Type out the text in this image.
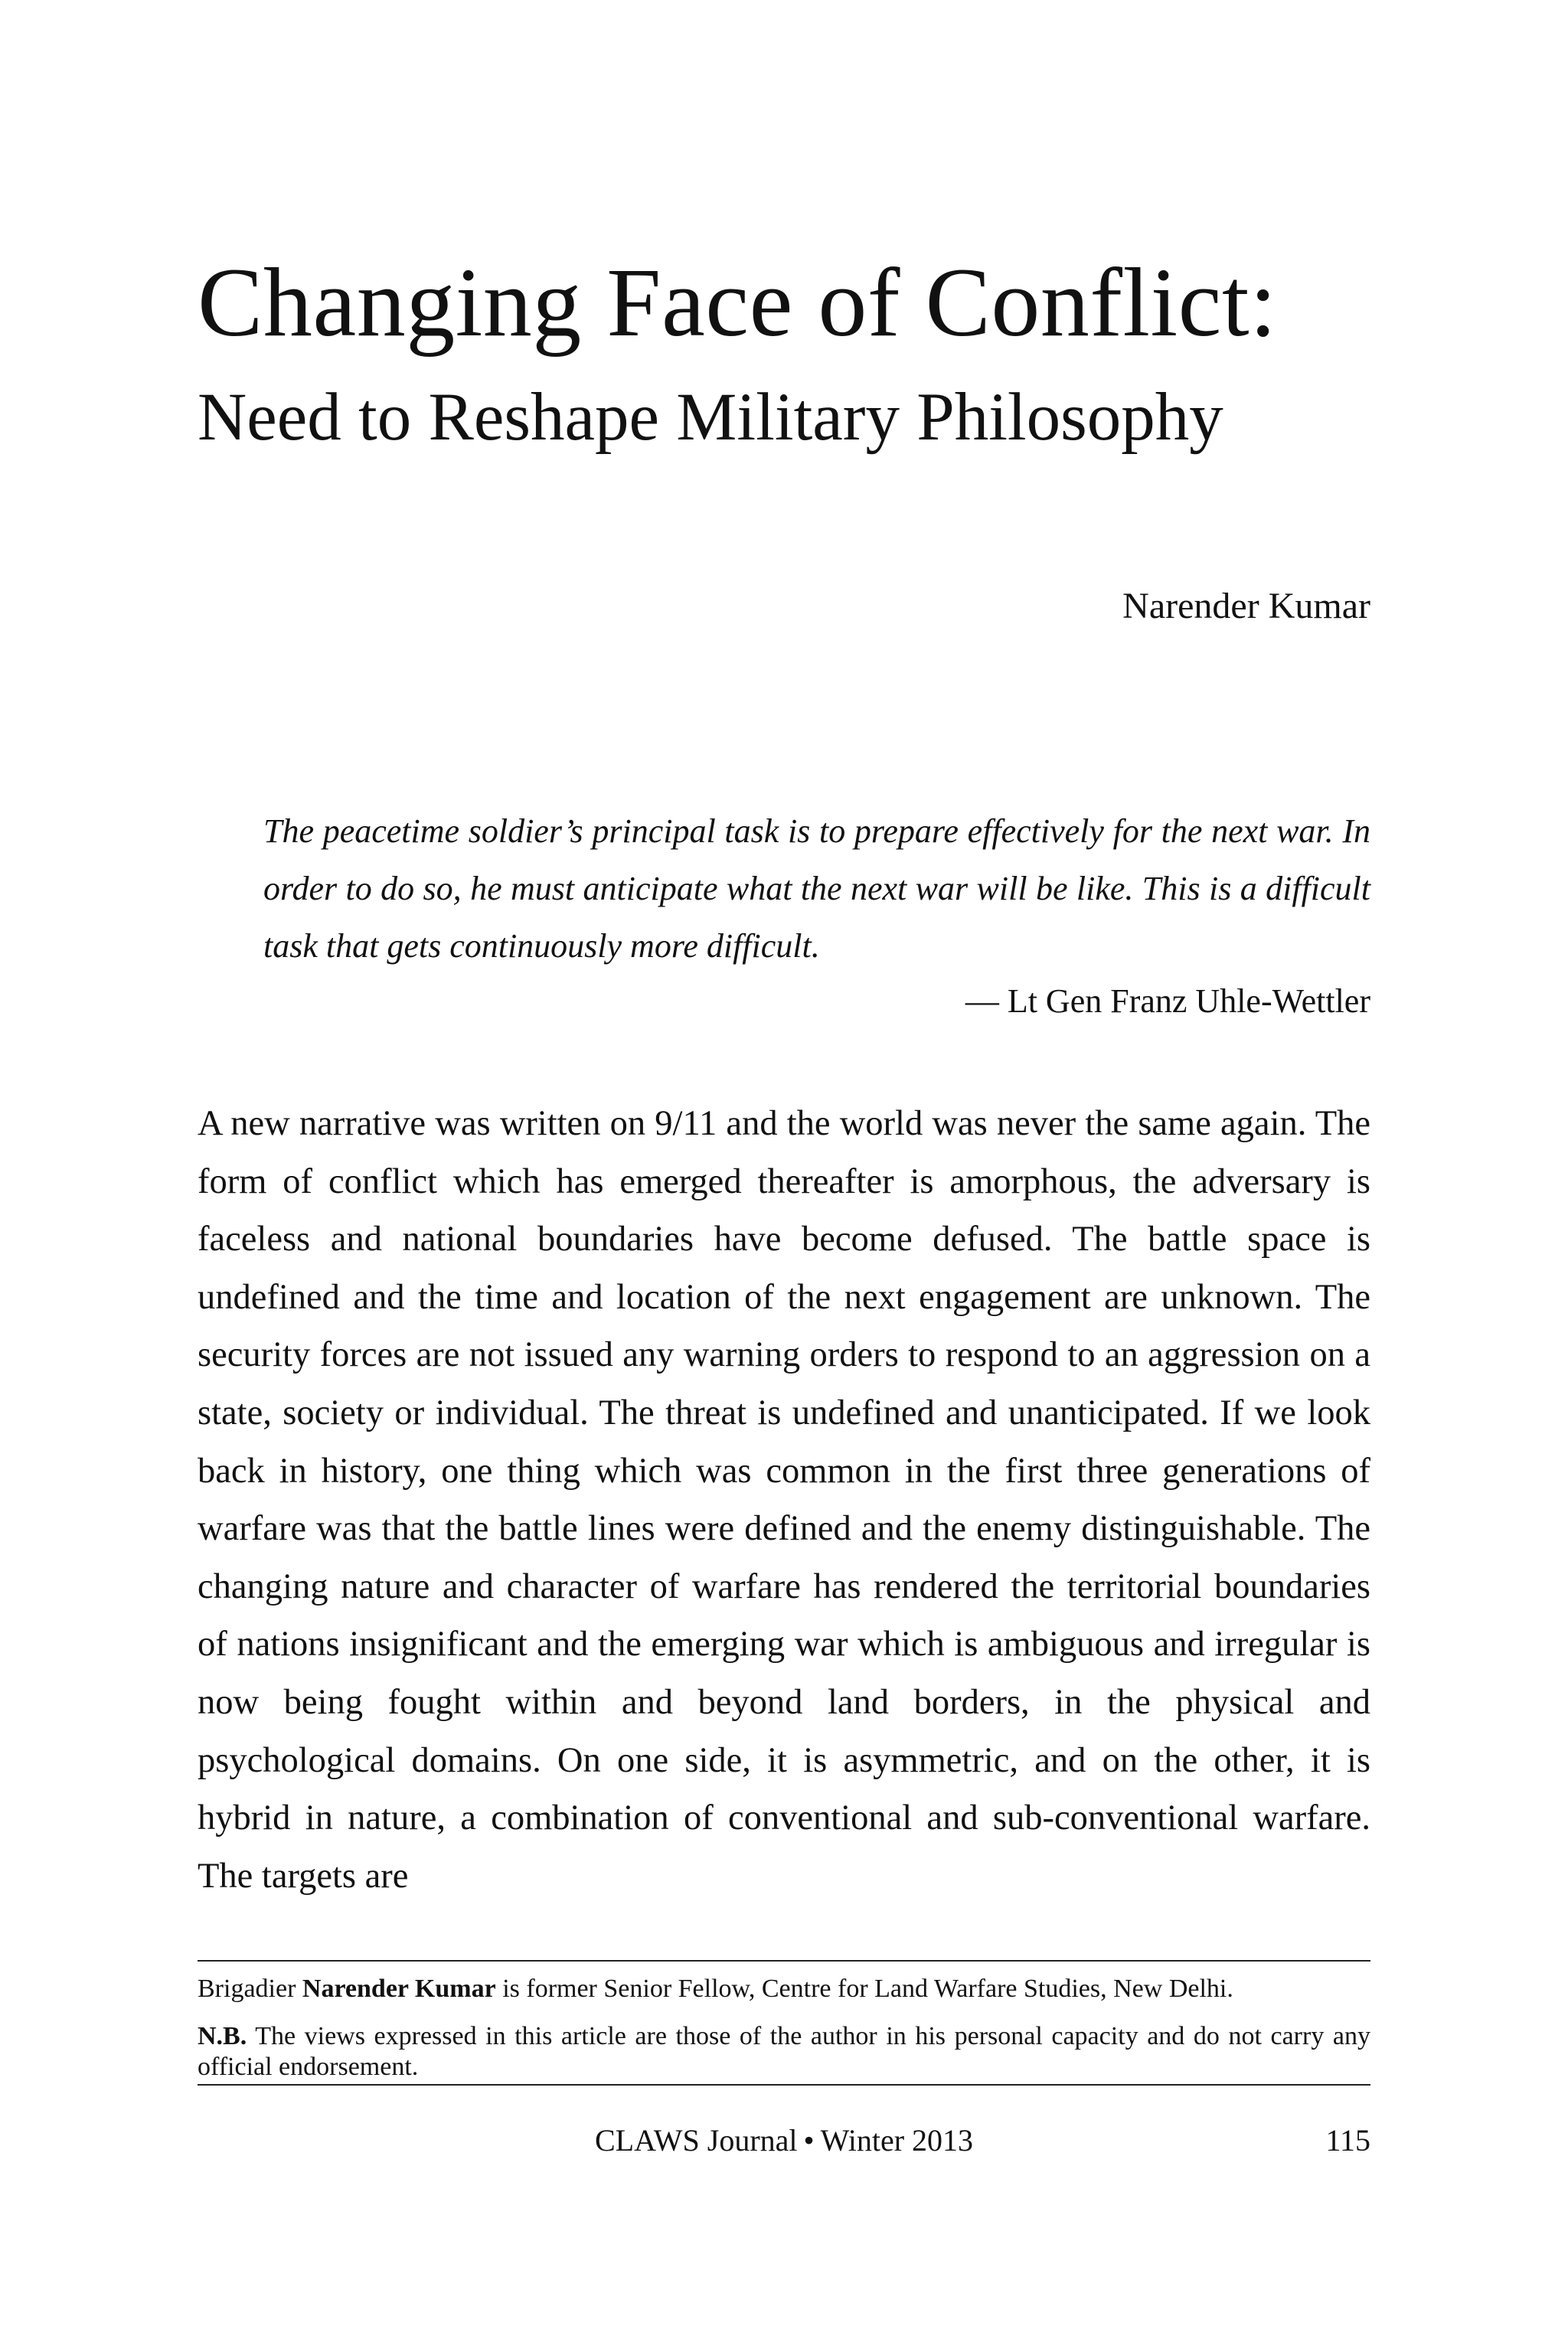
Changing Face of Conflict:
Need to Reshape Military Philosophy
Narender Kumar

The peacetime soldier’s principal task is to prepare effectively for the next war. In order to do so, he must anticipate what the next war will be like. This is a difficult task that gets continuously more difficult.

— Lt Gen Franz Uhle-Wettler

A new narrative was written on 9/11 and the world was never the same again. The form of conflict which has emerged thereafter is amorphous, the adversary is faceless and national boundaries have become defused. The battle space is undefined and the time and location of the next engagement are unknown. The security forces are not issued any warning orders to respond to an aggression on a state, society or individual. The threat is undefined and unanticipated. If we look back in history, one thing which was common in the first three generations of warfare was that the battle lines were defined and the enemy distinguishable. The changing nature and character of warfare has rendered the territorial boundaries of nations insignificant and the emerging war which is ambiguous and irregular is now being fought within and beyond land borders, in the physical and psychological domains. On one side, it is asymmetric, and on the other, it is hybrid in nature, a combination of conventional and sub-conventional warfare. The targets are

Brigadier Narender Kumar is former Senior Fellow, Centre for Land Warfare Studies, New Delhi.

N.B. The views expressed in this article are those of the author in his personal capacity and do not carry any official endorsement.

CLAWS Journal • Winter 2013	115
